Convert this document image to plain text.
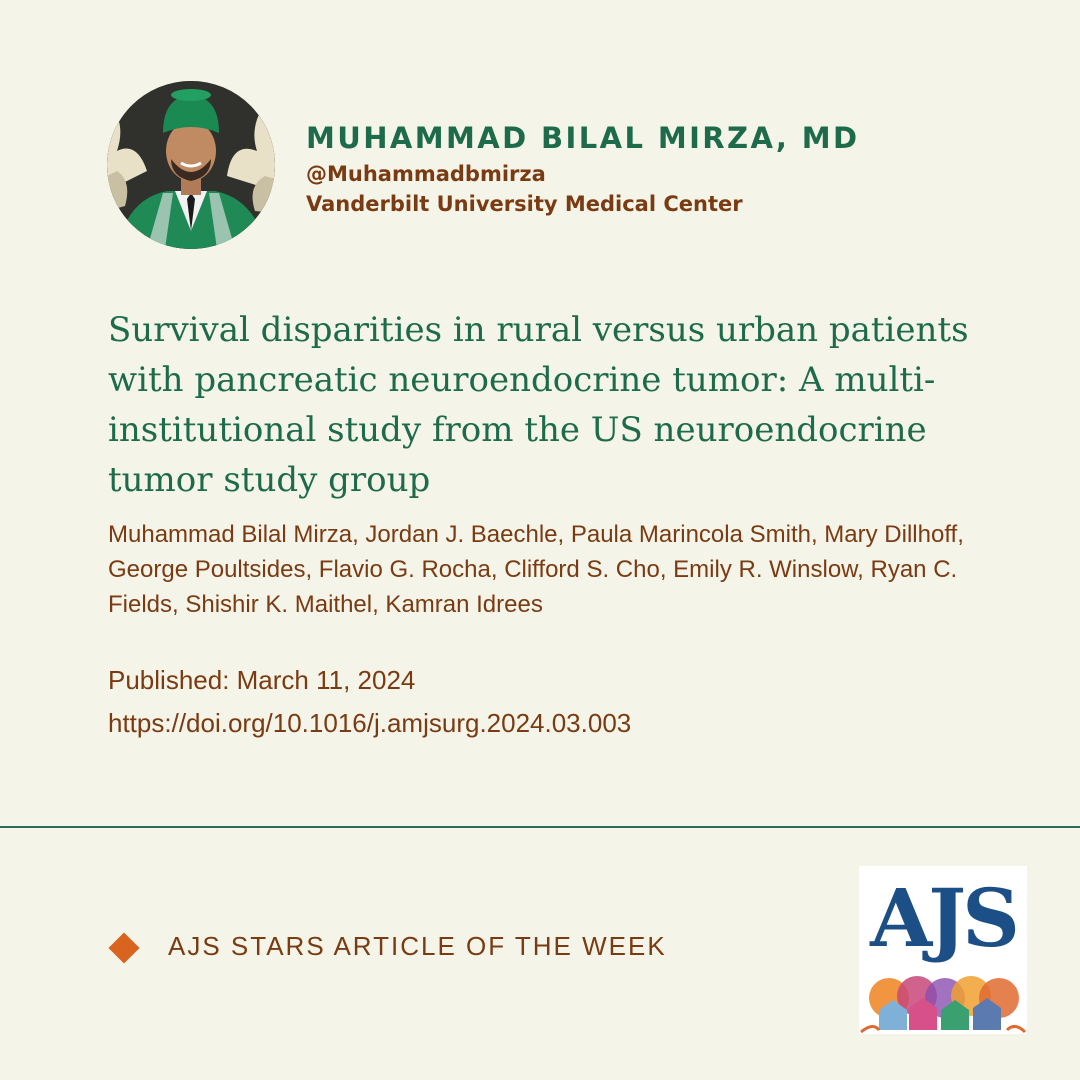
MUHAMMAD BILAL MIRZA, MD
@Muhammadbmirza
Vanderbilt University Medical Center
Survival disparities in rural versus urban patients with pancreatic neuroendocrine tumor: A multi-institutional study from the US neuroendocrine tumor study group

Muhammad Bilal Mirza, Jordan J. Baechle, Paula Marincola Smith, Mary Dillhoff, George Poultsides, Flavio G. Rocha, Clifford S. Cho, Emily R. Winslow, Ryan C. Fields, Shishir K. Maithel, Kamran Idrees

Published: March 11, 2024
https://doi.org/10.1016/j.amjsurg.2024.03.003
AJS STARS ARTICLE OF THE WEEK	AJS
